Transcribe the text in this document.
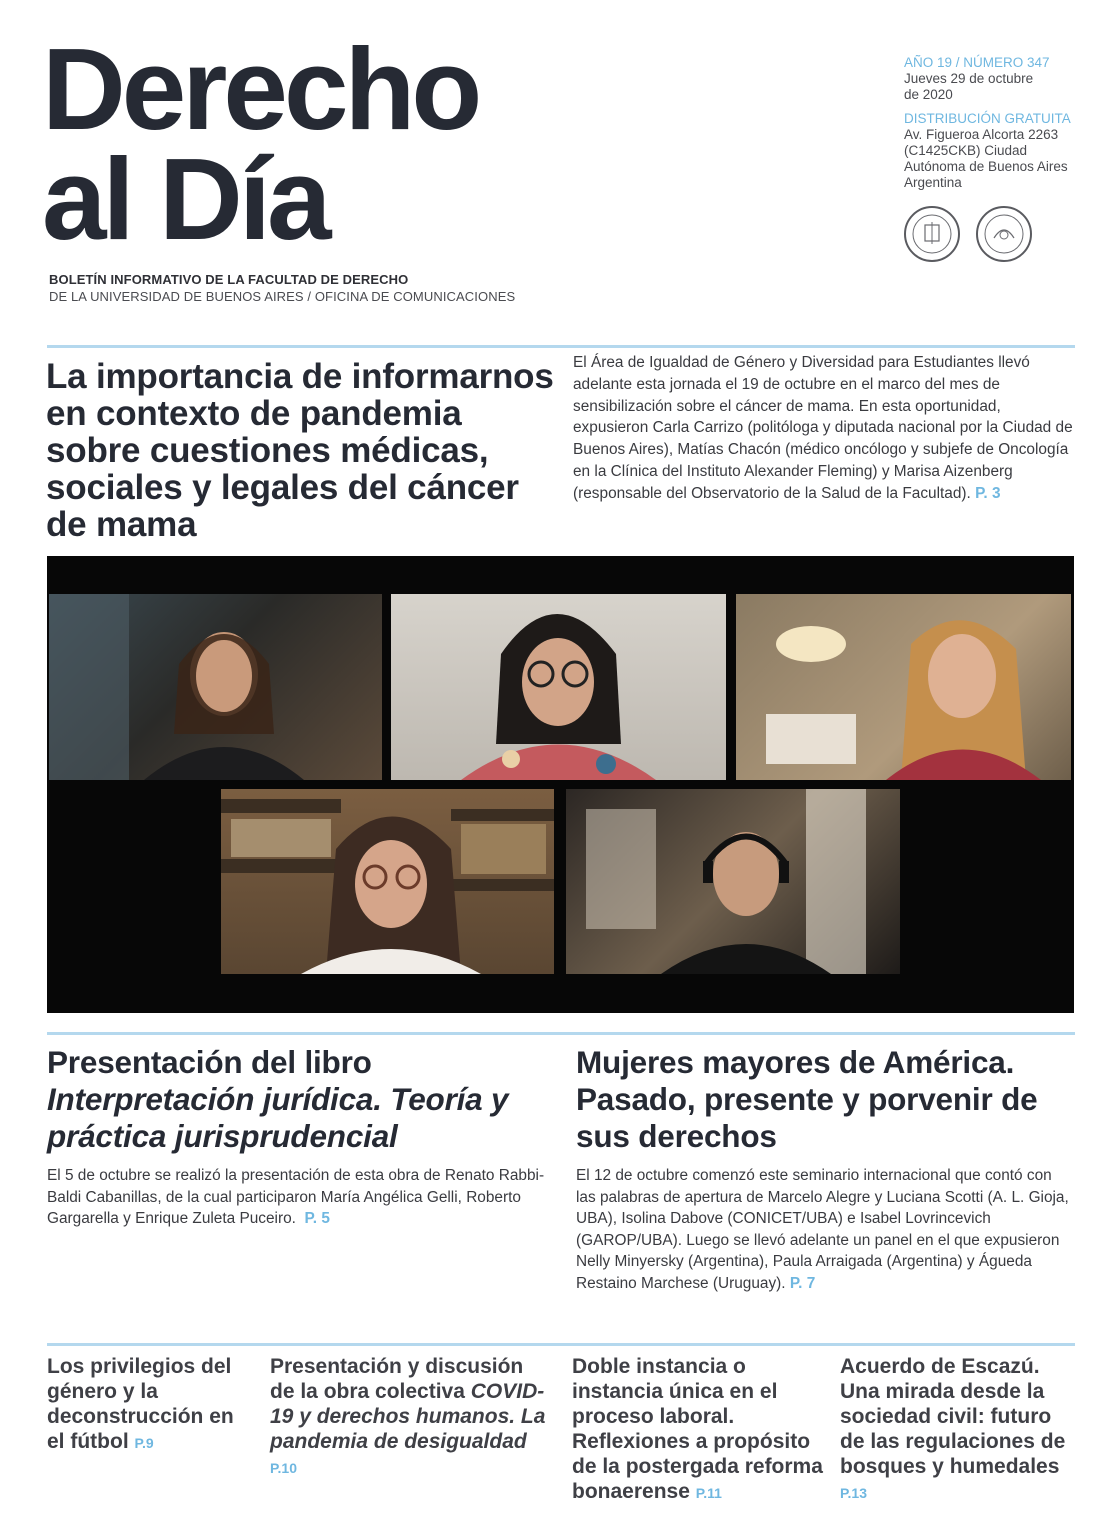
Derecho
al Día
BOLETÍN INFORMATIVO DE LA FACULTAD DE DERECHO
DE LA UNIVERSIDAD DE BUENOS AIRES / OFICINA DE COMUNICACIONES
AÑO 19 / NÚMERO 347
Jueves 29 de octubre
de 2020
DISTRIBUCIÓN GRATUITA
Av. Figueroa Alcorta 2263
(C1425CKB) Ciudad
Autónoma de Buenos Aires
Argentina
La importancia de informarnos en contexto de pandemia sobre cuestiones médicas, sociales y legales del cáncer de mama
El Área de Igualdad de Género y Diversidad para Estudiantes llevó adelante esta jornada el 19 de octubre en el marco del mes de sensibilización sobre el cáncer de mama. En esta oportunidad, expusieron Carla Carrizo (politóloga y diputada nacional por la Ciudad de Buenos Aires), Matías Chacón (médico oncólogo y subjefe de Oncología en la Clínica del Instituto Alexander Fleming) y Marisa Aizenberg (responsable del Observatorio de la Salud de la Facultad). P. 3
Presentación del libro
Interpretación jurídica. Teoría y práctica jurisprudencial
El 5 de octubre se realizó la presentación de esta obra de Renato Rabbi-Baldi Cabanillas, de la cual participaron María Angélica Gelli, Roberto Gargarella y Enrique Zuleta Puceiro. P. 5
Mujeres mayores de América. Pasado, presente y porvenir de sus derechos
El 12 de octubre comenzó este seminario internacional que contó con las palabras de apertura de Marcelo Alegre y Luciana Scotti (A. L. Gioja, UBA), Isolina Dabove (CONICET/UBA) e Isabel Lovrincevich (GAROP/UBA). Luego se llevó adelante un panel en el que expusieron Nelly Minyersky (Argentina), Paula Arraigada (Argentina) y Águeda Restaino Marchese (Uruguay). P. 7
Los privilegios del género y la deconstrucción en el fútbol P.9
Presentación y discusión de la obra colectiva COVID-19 y derechos humanos. La pandemia de desigualdad P.10
Doble instancia o instancia única en el proceso laboral. Reflexiones a propósito de la postergada reforma bonaerense P.11
Acuerdo de Escazú. Una mirada desde la sociedad civil: futuro de las regulaciones de bosques y humedales P.13
